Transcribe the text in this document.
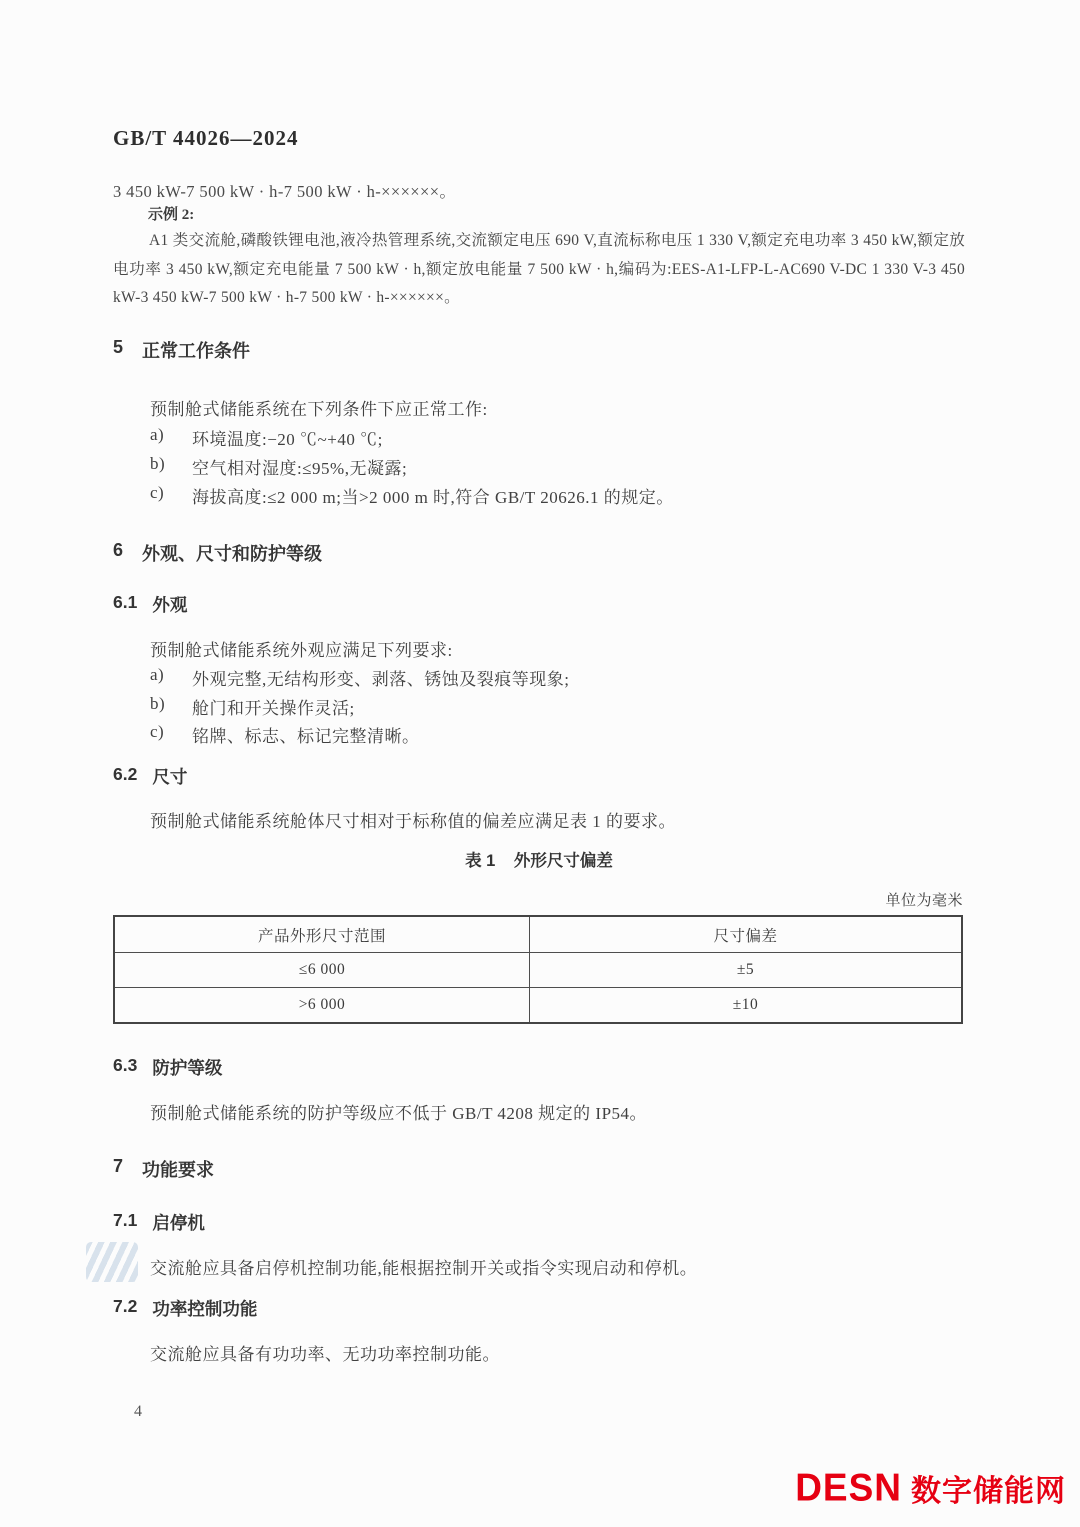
GB/T 44026—2024
3 450 kW-7 500 kW · h-7 500 kW · h-××××××。
示例 2:
A1 类交流舱,磷酸铁锂电池,液冷热管理系统,交流额定电压 690 V,直流标称电压 1 330 V,额定充电功率 3 450 kW,额定放电功率 3 450 kW,额定充电能量 7 500 kW · h,额定放电能量 7 500 kW · h,编码为:EES-A1-LFP-L-AC690 V-DC 1 330 V-3 450 kW-3 450 kW-7 500 kW · h-7 500 kW · h-××××××。
5 正常工作条件
预制舱式储能系统在下列条件下应正常工作:
a)	环境温度:−20 ℃~+40 ℃;
b)	空气相对湿度:≤95%,无凝露;
c)	海拔高度:≤2 000 m;当>2 000 m 时,符合 GB/T 20626.1 的规定。
6 外观、尺寸和防护等级
6.1 外观
预制舱式储能系统外观应满足下列要求:
a)	外观完整,无结构形变、剥落、锈蚀及裂痕等现象;
b)	舱门和开关操作灵活;
c)	铭牌、标志、标记完整清晰。
6.2 尺寸
预制舱式储能系统舱体尺寸相对于标称值的偏差应满足表 1 的要求。
表 1 外形尺寸偏差
单位为毫米
产品外形尺寸范围	尺寸偏差
≤6 000	±5
>6 000	±10
6.3 防护等级
预制舱式储能系统的防护等级应不低于 GB/T 4208 规定的 IP54。
7 功能要求
7.1 启停机
交流舱应具备启停机控制功能,能根据控制开关或指令实现启动和停机。
7.2 功率控制功能
交流舱应具备有功功率、无功功率控制功能。
4
DESN 数字储能网
